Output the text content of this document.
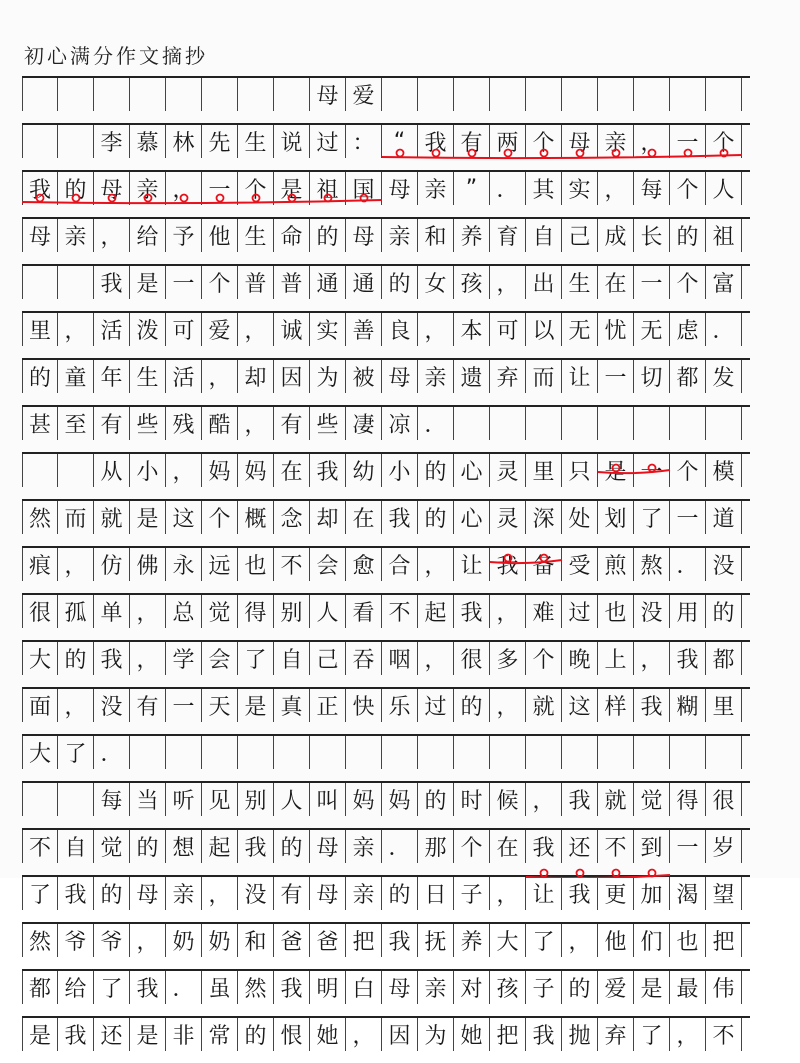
初心满分作文摘抄
母 爱
李 慕 林 先 生 说 过 ： “ 我 有 两 个 母 亲 ， 一 个
我 的 母 亲 ， 一 个 是 祖 国 母 亲 ” ． 其 实 ， 每 个 人
母 亲 ， 给 予 他 生 命 的 母 亲 和 养 育 自 己 成 长 的 祖
我 是 一 个 普 普 通 通 的 女 孩 ， 出 生 在 一 个 富
里 ， 活 泼 可 爱 ， 诚 实 善 良 ， 本 可 以 无 忧 无 虑 ．
的 童 年 生 活 ， 却 因 为 被 母 亲 遗 弃 而 让 一 切 都 发
甚 至 有 些 残 酷 ， 有 些 凄 凉 ．
从 小 ， 妈 妈 在 我 幼 小 的 心 灵 里 只 是 一 个 模
然 而 就 是 这 个 概 念 却 在 我 的 心 灵 深 处 划 了 一 道
痕 ， 仿 佛 永 远 也 不 会 愈 合 ， 让 我 备 受 煎 熬 ． 没
很 孤 单 ， 总 觉 得 别 人 看 不 起 我 ， 难 过 也 没 用 的
大 的 我 ， 学 会 了 自 己 吞 咽 ， 很 多 个 晚 上 ， 我 都
面 ， 没 有 一 天 是 真 正 快 乐 过 的 ， 就 这 样 我 糊 里
大 了 ．
每 当 听 见 别 人 叫 妈 妈 的 时 候 ， 我 就 觉 得 很
不 自 觉 的 想 起 我 的 母 亲 ． 那 个 在 我 还 不 到 一 岁
了 我 的 母 亲 ， 没 有 母 亲 的 日 子 ， 让 我 更 加 渴 望
然 爷 爷 ， 奶 奶 和 爸 爸 把 我 抚 养 大 了 ， 他 们 也 把
都 给 了 我 ． 虽 然 我 明 白 母 亲 对 孩 子 的 爱 是 最 伟
是 我 还 是 非 常 的 恨 她 ， 因 为 她 把 我 抛 弃 了 ， 不
